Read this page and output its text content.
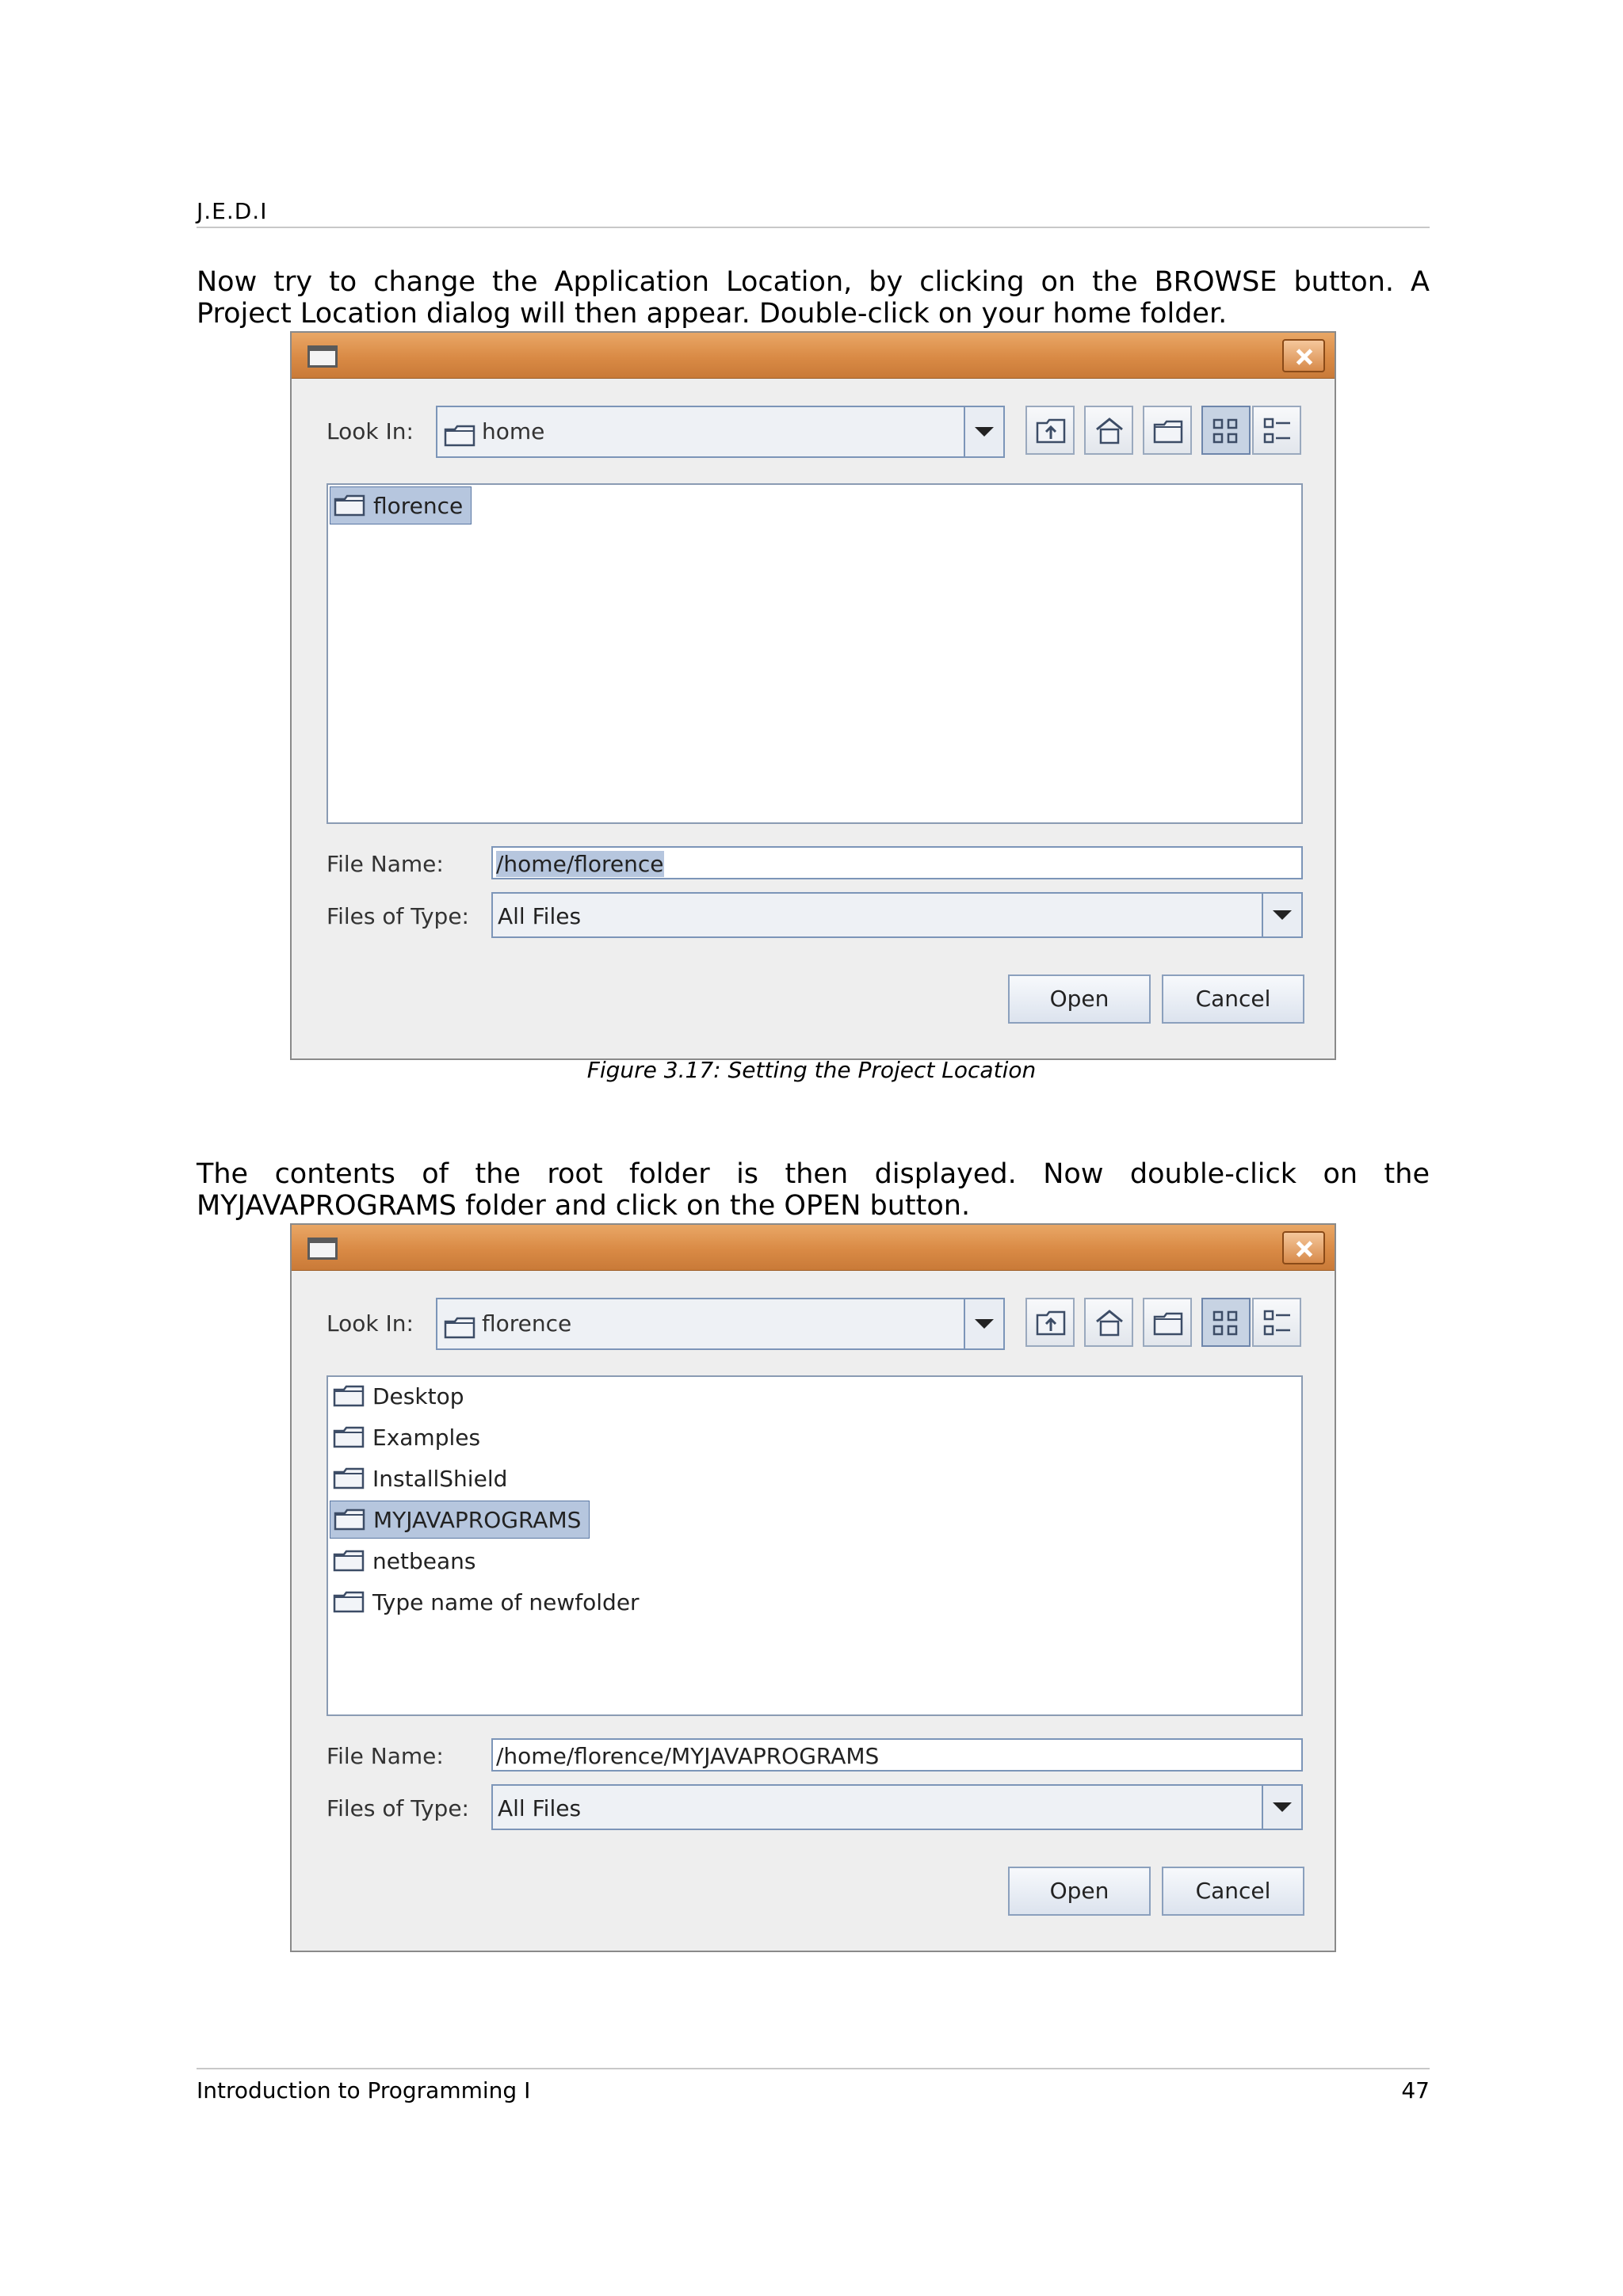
J.E.D.I
Now try to change the Application Location, by clicking on the BROWSE button. A
Project Location dialog will then appear. Double-click on your home folder.
Look In:	home
florence
File Name: /home/florence
Files of Type: All Files
Open	Cancel
Figure 3.17: Setting the Project Location
The contents of the root folder is then displayed. Now double-click on the
MYJAVAPROGRAMS folder and click on the OPEN button.
Look In:	florence
Desktop
Examples
InstallShield
MYJAVAPROGRAMS
netbeans
Type name of newfolder
File Name: /home/florence/MYJAVAPROGRAMS
Files of Type: All Files
Open	Cancel
Introduction to Programming I	47
